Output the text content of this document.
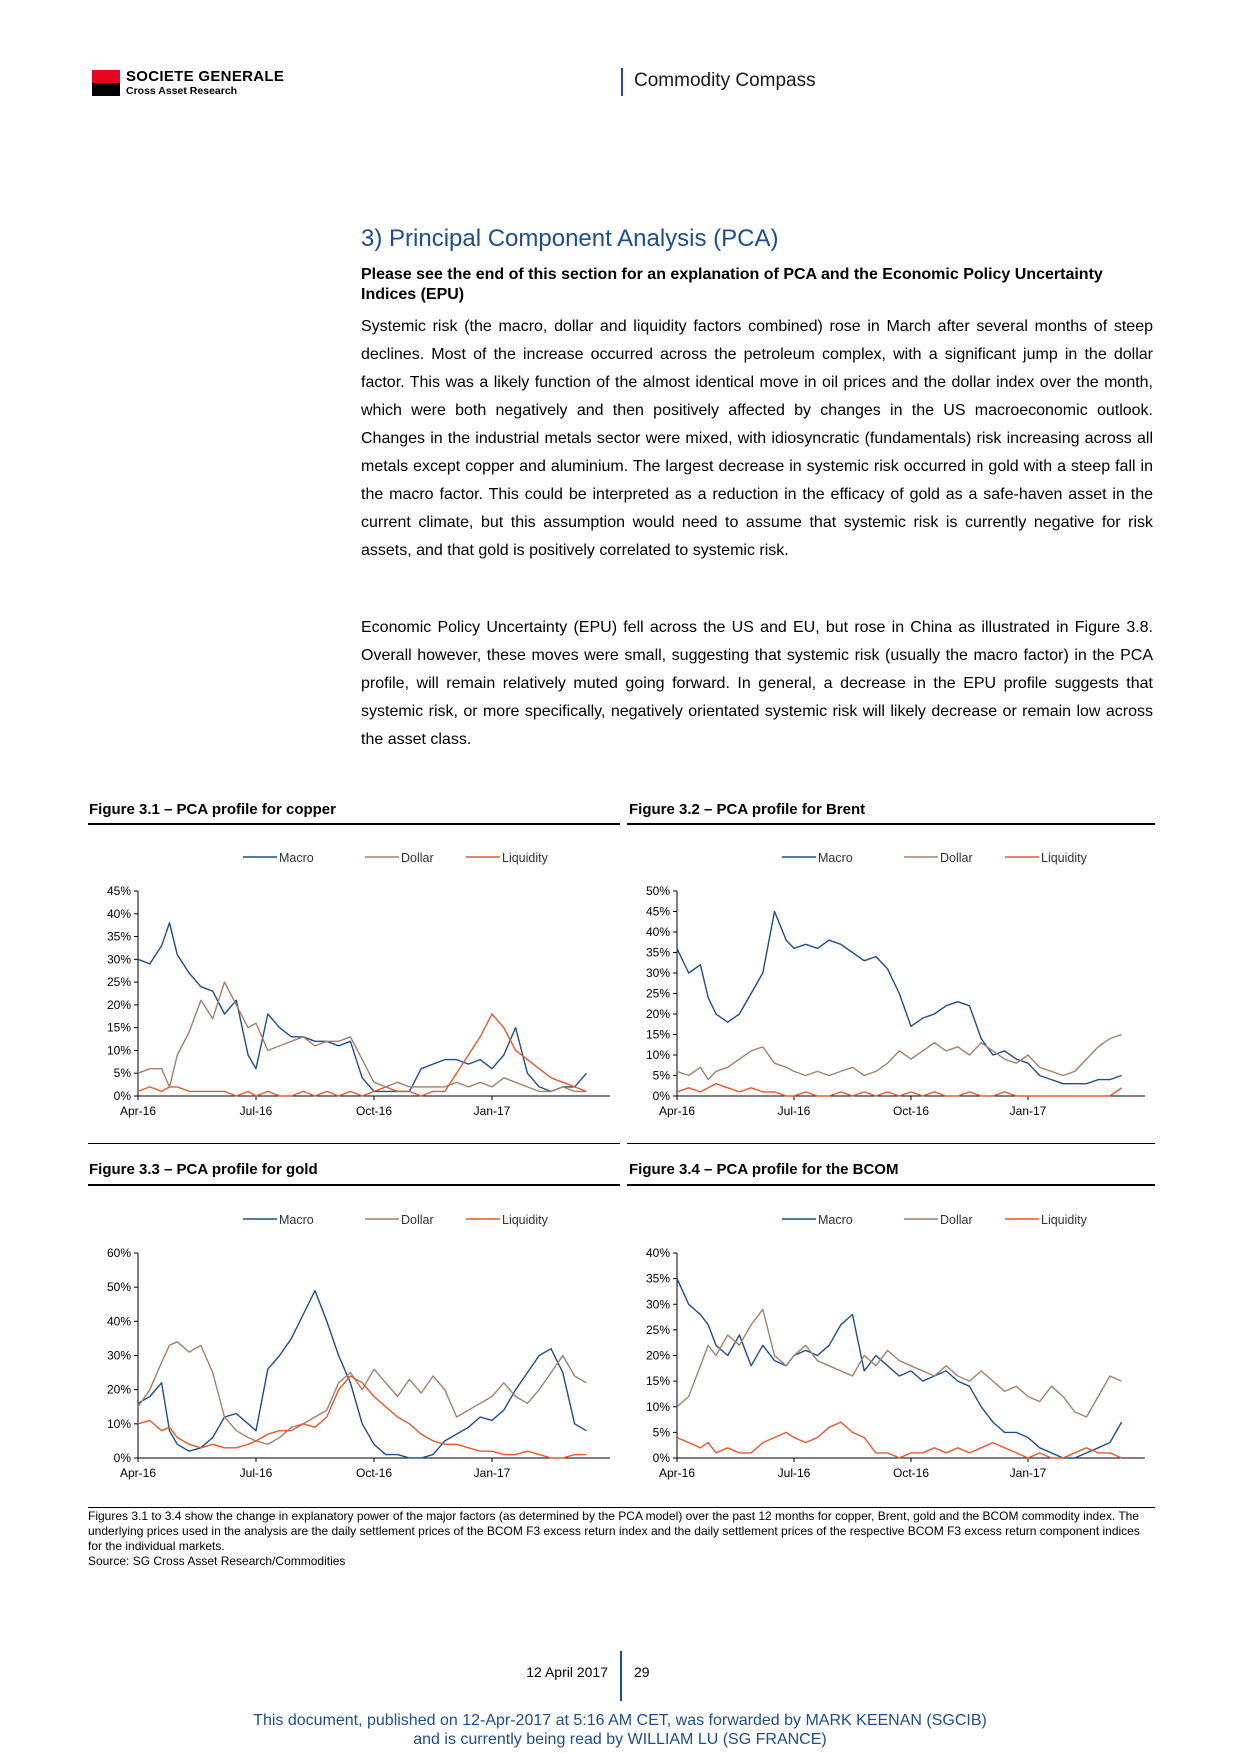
SOCIETE GENERALE
Cross Asset Research	Commodity Compass
3) Principal Component Analysis (PCA)
Please see the end of this section for an explanation of PCA and the Economic Policy Uncertainty Indices (EPU)
Systemic risk (the macro, dollar and liquidity factors combined) rose in March after several months of steep declines. Most of the increase occurred across the petroleum complex, with a significant jump in the dollar factor. This was a likely function of the almost identical move in oil prices and the dollar index over the month, which were both negatively and then positively affected by changes in the US macroeconomic outlook. Changes in the industrial metals sector were mixed, with idiosyncratic (fundamentals) risk increasing across all metals except copper and aluminium. The largest decrease in systemic risk occurred in gold with a steep fall in the macro factor. This could be interpreted as a reduction in the efficacy of gold as a safe-haven asset in the current climate, but this assumption would need to assume that systemic risk is currently negative for risk assets, and that gold is positively correlated to systemic risk.
Economic Policy Uncertainty (EPU) fell across the US and EU, but rose in China as illustrated in Figure 3.8. Overall however, these moves were small, suggesting that systemic risk (usually the macro factor) in the PCA profile, will remain relatively muted going forward. In general, a decrease in the EPU profile suggests that systemic risk, or more specifically, negatively orientated systemic risk will likely decrease or remain low across the asset class.
Figure 3.1 – PCA profile for copper	Figure 3.2 – PCA profile for Brent
Figure 3.3 – PCA profile for gold	Figure 3.4 – PCA profile for the BCOM
Macro	Dollar	Liquidity
0%
5%
10%
15%
20%
25%
30%
35%
40%
45%
Apr-16	Jul-16	Oct-16	Jan-17
Macro	Dollar	Liquidity
0%
5%
10%
15%
20%
25%
30%
35%
40%
45%
50%
Apr-16	Jul-16	Oct-16	Jan-17
Macro	Dollar	Liquidity
0%
10%
20%
30%
40%
50%
60%
Apr-16	Jul-16	Oct-16	Jan-17
Macro	Dollar	Liquidity
0%
5%
10%
15%
20%
25%
30%
35%
40%
Apr-16	Jul-16	Oct-16	Jan-17
Figures 3.1 to 3.4 show the change in explanatory power of the major factors (as determined by the PCA model) over the past 12 months for copper, Brent, gold and the BCOM commodity index. The underlying prices used in the analysis are the daily settlement prices of the BCOM F3 excess return index and the daily settlement prices of the respective BCOM F3 excess return component indices for the individual markets.
Source: SG Cross Asset Research/Commodities
12 April 2017 29
This document, published on 12-Apr-2017 at 5:16 AM CET, was forwarded by MARK KEENAN (SGCIB)
and is currently being read by WILLIAM LU (SG FRANCE)
